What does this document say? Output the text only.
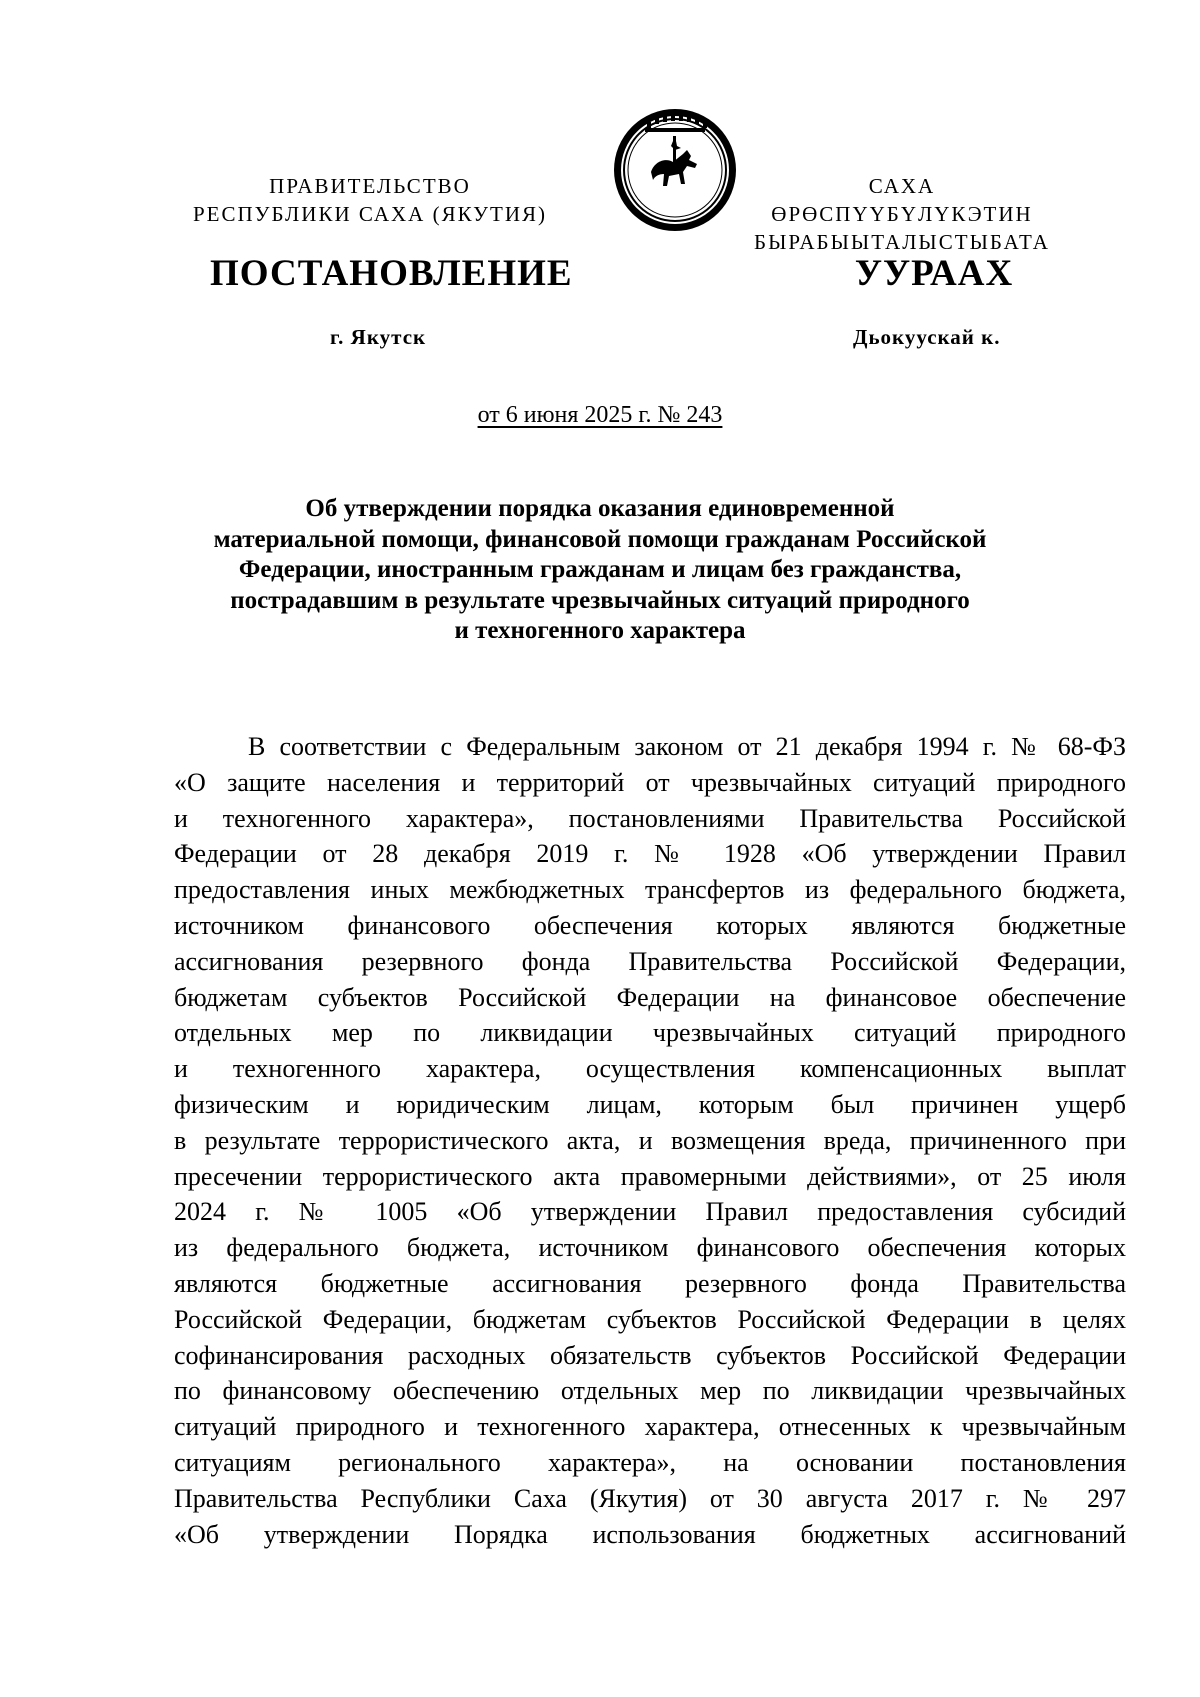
ПРАВИТЕЛЬСТВО
РЕСПУБЛИКИ САХА (ЯКУТИЯ)
САХА ӨРӨСПҮҮБҮЛҮКЭТИН
БЫРАБЫЫТАЛЫСТЫБАТА
ПОСТАНОВЛЕНИЕ	УУРААХ
г. Якутск	Дьокуускай к.
от 6 июня 2025 г. № 243
Об утверждении порядка оказания единовременной
материальной помощи, финансовой помощи гражданам Российской
Федерации, иностранным гражданам и лицам без гражданства,
пострадавшим в результате чрезвычайных ситуаций природного
и техногенного характера
В соответствии с Федеральным законом от 21 декабря 1994 г. № 68-ФЗ
«О защите населения и территорий от чрезвычайных ситуаций природного
и техногенного характера», постановлениями Правительства Российской
Федерации от 28 декабря 2019 г. № 1928 «Об утверждении Правил
предоставления иных межбюджетных трансфертов из федерального бюджета,
источником финансового обеспечения которых являются бюджетные
ассигнования резервного фонда Правительства Российской Федерации,
бюджетам субъектов Российской Федерации на финансовое обеспечение
отдельных мер по ликвидации чрезвычайных ситуаций природного
и техногенного характера, осуществления компенсационных выплат
физическим и юридическим лицам, которым был причинен ущерб
в результате террористического акта, и возмещения вреда, причиненного при
пресечении террористического акта правомерными действиями», от 25 июля
2024 г. № 1005 «Об утверждении Правил предоставления субсидий
из федерального бюджета, источником финансового обеспечения которых
являются бюджетные ассигнования резервного фонда Правительства
Российской Федерации, бюджетам субъектов Российской Федерации в целях
софинансирования расходных обязательств субъектов Российской Федерации
по финансовому обеспечению отдельных мер по ликвидации чрезвычайных
ситуаций природного и техногенного характера, отнесенных к чрезвычайным
ситуациям регионального характера», на основании постановления
Правительства Республики Саха (Якутия) от 30 августа 2017 г. № 297
«Об утверждении Порядка использования бюджетных ассигнований
